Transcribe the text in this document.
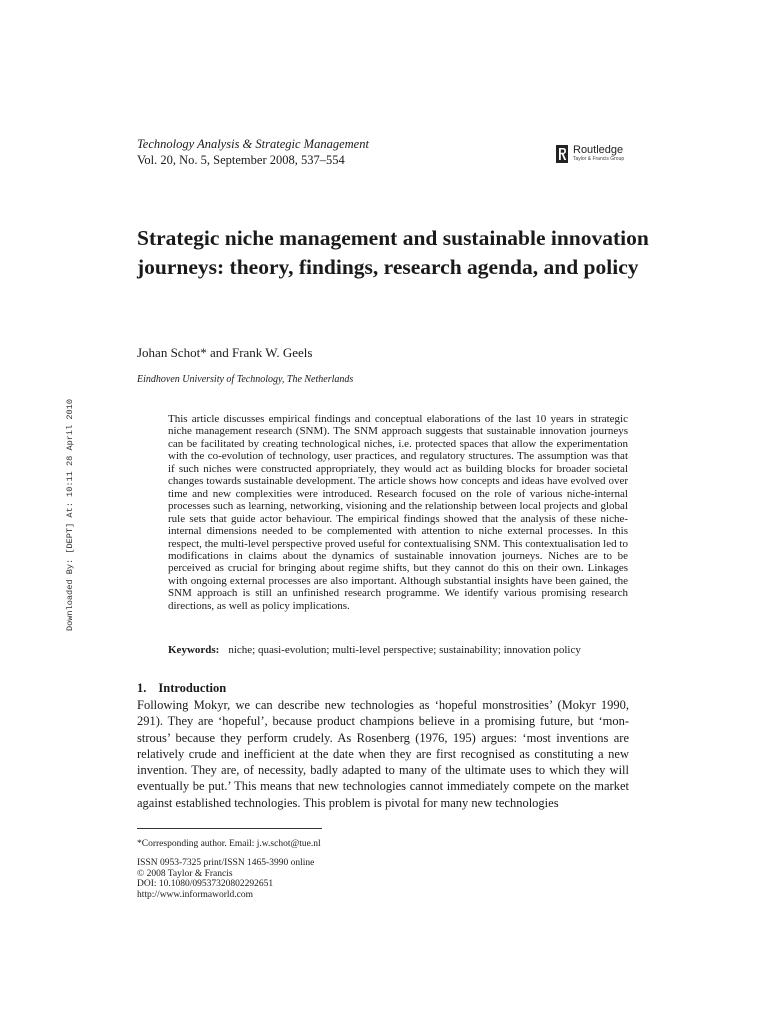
Technology Analysis & Strategic Management
Vol. 20, No. 5, September 2008, 537–554
Routledge
Taylor & Francis Group
Downloaded By: [DEPT] At: 10:11 28 April 2010
Strategic niche management and sustainable innovation journeys: theory, findings, research agenda, and policy
Johan Schot* and Frank W. Geels
Eindhoven University of Technology, The Netherlands

This article discusses empirical findings and conceptual elaborations of the last 10 years in strategic niche management research (SNM). The SNM approach suggests that sustainable innovation journeys can be facilitated by creating technological niches, i.e. protected spaces that allow the experimentation with the co-evolution of technology, user practices, and regulatory structures. The assumption was that if such niches were constructed appropriately, they would act as building blocks for broader societal changes towards sustainable development. The article shows how concepts and ideas have evolved over time and new complexities were introduced. Research focused on the role of various niche-internal processes such as learning, networking, visioning and the relationship between local projects and global rule sets that guide actor behaviour. The empirical findings showed that the analysis of these niche-internal dimensions needed to be complemented with attention to niche external processes. In this respect, the multi-level perspective proved useful for contextualising SNM. This contextualisation led to modifications in claims about the dynamics of sustainable innovation journeys. Niches are to be perceived as crucial for bringing about regime shifts, but they cannot do this on their own. Linkages with ongoing external processes are also important. Although substantial insights have been gained, the SNM approach is still an unfinished research programme. We identify various promising research directions, as well as policy implications.

Keywords: niche; quasi-evolution; multi-level perspective; sustainability; innovation policy
1. Introduction

Following Mokyr, we can describe new technologies as ‘hopeful monstrosities’ (Mokyr 1990, 291). They are ‘hopeful’, because product champions believe in a promising future, but ‘mon-strous’ because they perform crudely. As Rosenberg (1976, 195) argues: ‘most inventions are relatively crude and inefficient at the date when they are first recognised as constituting a new invention. They are, of necessity, badly adapted to many of the ultimate uses to which they will eventually be put.’ This means that new technologies cannot immediately compete on the market against established technologies. This problem is pivotal for many new technologies

*Corresponding author. Email: j.w.schot@tue.nl
ISSN 0953-7325 print/ISSN 1465-3990 online
© 2008 Taylor & Francis
DOI: 10.1080/09537320802292651
http://www.informaworld.com
